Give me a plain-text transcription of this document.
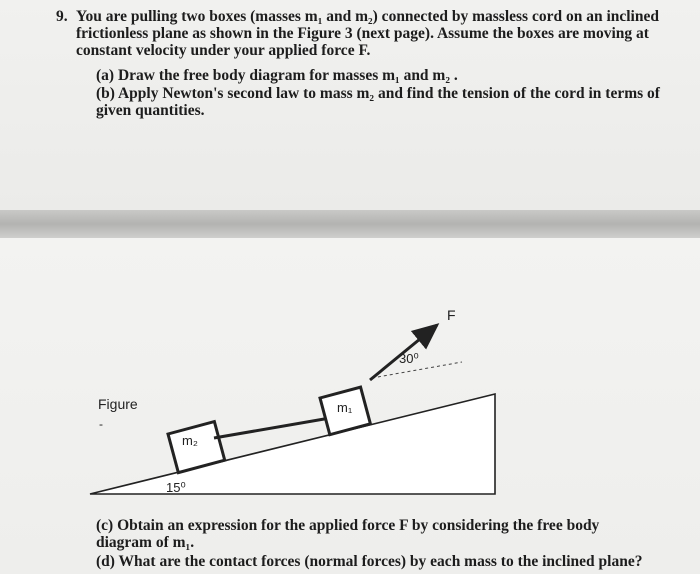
9. You are pulling two boxes (masses m₁ and m₂) connected by massless cord on an inclined frictionless plane as shown in the Figure 3 (next page). Assume the boxes are moving at constant velocity under your applied force F.
(a) Draw the free body diagram for masses m₁ and m₂ .
(b) Apply Newton's second law to mass m₂ and find the tension of the cord in terms of given quantities.
F
30⁰
15⁰
m₁
m₂
Figure
-
(c) Obtain an expression for the applied force F by considering the free body diagram of m₁.
(d) What are the contact forces (normal forces) by each mass to the inclined plane?
